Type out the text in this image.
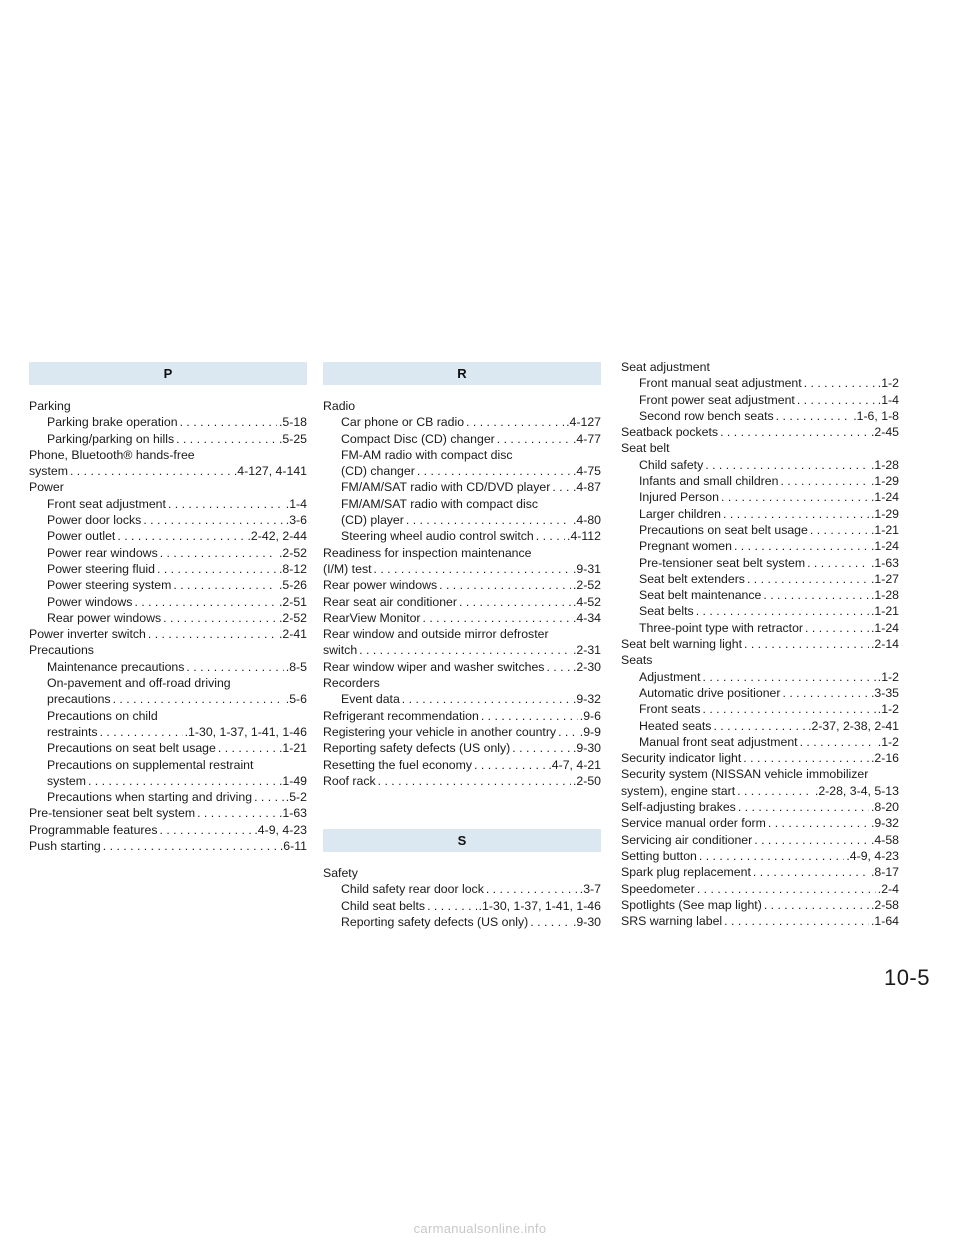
P
Parking
Parking brake operation . . .	.5-18
Parking/parking on hills . . .	.5-25
Phone, Bluetooth® hands-free
system . . .	.4-127, 4-141
Power
Front seat adjustment . . .	.1-4
Power door locks . . .	.3-6
Power outlet . . .	.2-42, 2-44
Power rear windows . . .	.2-52
Power steering fluid . . .	.8-12
Power steering system . . .	.5-26
Power windows . . .	.2-51
Rear power windows . . .	.2-52
Power inverter switch . . .	.2-41
Precautions
Maintenance precautions . . .	.8-5
On-pavement and off-road driving
precautions . . .	.5-6
Precautions on child
restraints . . .	.1-30, 1-37, 1-41, 1-46
Precautions on seat belt usage . . .	.1-21
Precautions on supplemental restraint
system . . .	.1-49
Precautions when starting and driving . . .	.5-2
Pre-tensioner seat belt system . . .	.1-63
Programmable features . . .	.4-9, 4-23
Push starting . . .	.6-11
R
Radio
Car phone or CB radio . . .	.4-127
Compact Disc (CD) changer . . .	.4-77
FM-AM radio with compact disc
(CD) changer . . .	.4-75
FM/AM/SAT radio with CD/DVD player . . . .4-87
FM/AM/SAT radio with compact disc
(CD) player . . .	.4-80
Steering wheel audio control switch . . .	.4-112
Readiness for inspection maintenance
(I/M) test . . .	.9-31
Rear power windows . . .	.2-52
Rear seat air conditioner . . .	.4-52
RearView Monitor . . .	.4-34
Rear window and outside mirror defroster
switch . . .	.2-31
Rear window wiper and washer switches . . . .2-30
Recorders
Event data . . .	.9-32
Refrigerant recommendation . . .	.9-6
Registering your vehicle in another country . . . .9-9
Reporting safety defects (US only) . . .	.9-30
Resetting the fuel economy . . .	.4-7, 4-21
Roof rack . . .	.2-50
S
Safety
Child safety rear door lock . . .	.3-7
Child seat belts . . .	.1-30, 1-37, 1-41, 1-46
Reporting safety defects (US only) . . .	.9-30
Seat adjustment
Front manual seat adjustment . . .	.1-2
Front power seat adjustment . . .	.1-4
Second row bench seats . . .	.1-6, 1-8
Seatback pockets . . .	.2-45
Seat belt
Child safety . . .	.1-28
Infants and small children . . .	.1-29
Injured Person . . .	.1-24
Larger children . . .	.1-29
Precautions on seat belt usage . . .	.1-21
Pregnant women . . .	.1-24
Pre-tensioner seat belt system . . .	.1-63
Seat belt extenders . . .	.1-27
Seat belt maintenance . . .	.1-28
Seat belts . . .	.1-21
Three-point type with retractor . . .	.1-24
Seat belt warning light . . .	.2-14
Seats
Adjustment . . .	.1-2
Automatic drive positioner . . .	.3-35
Front seats . . .	.1-2
Heated seats . . .	.2-37, 2-38, 2-41
Manual front seat adjustment . . .	.1-2
Security indicator light . . .	.2-16
Security system (NISSAN vehicle immobilizer
system), engine start . . .	.2-28, 3-4, 5-13
Self-adjusting brakes . . .	.8-20
Service manual order form . . .	.9-32
Servicing air conditioner . . .	.4-58
Setting button . . .	.4-9, 4-23
Spark plug replacement . . .	.8-17
Speedometer . . .	.2-4
Spotlights (See map light) . . .	.2-58
SRS warning label . . .	.1-64
10-5
carmanualsonline.info
